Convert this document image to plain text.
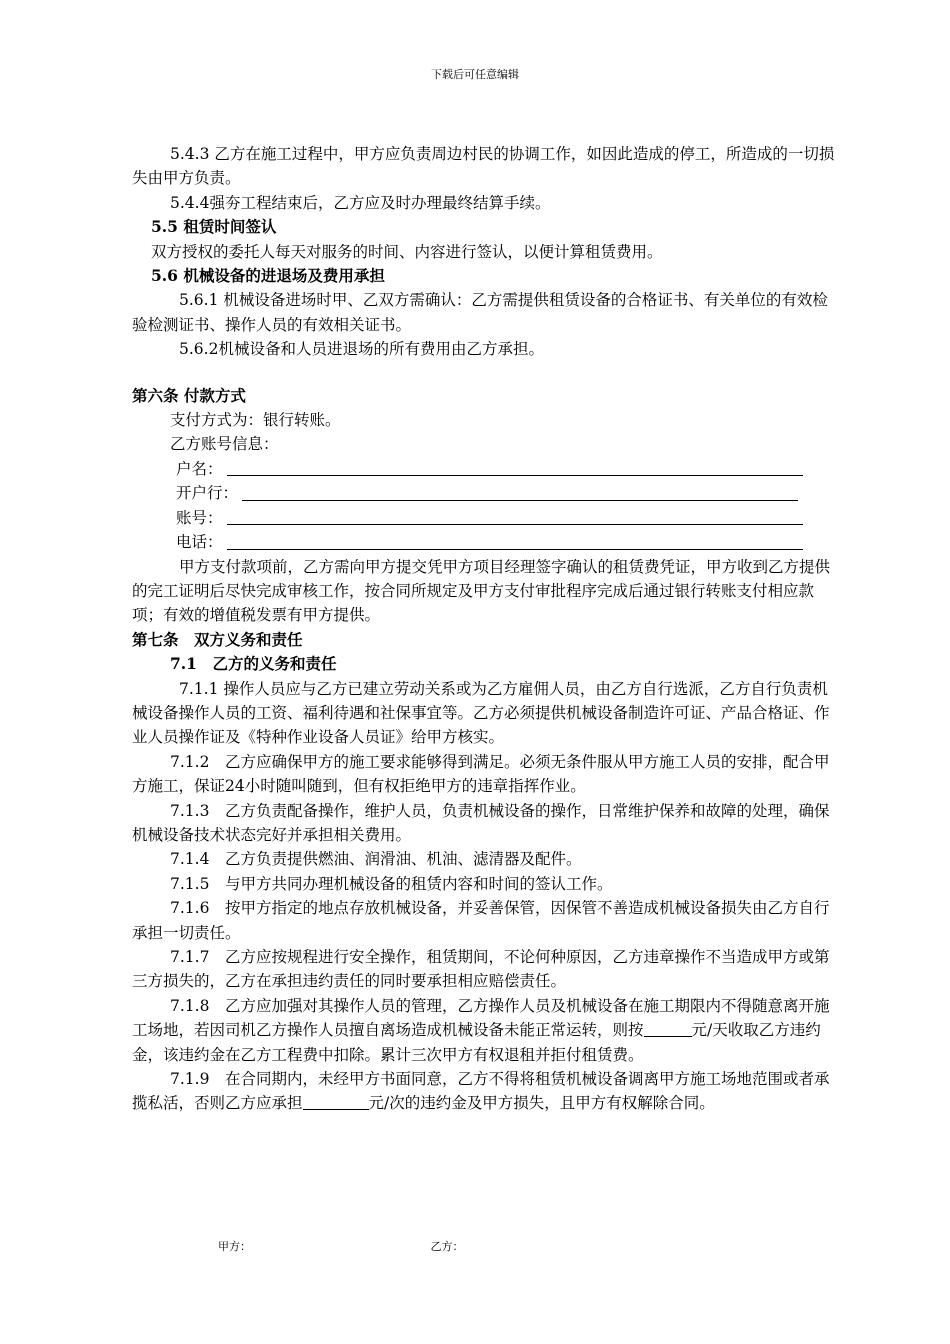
下载后可任意编辑

5.4.3 乙方在施工过程中，甲方应负责周边村民的协调工作，如因此造成的停工，所造成的一切损失由甲方负责。

5.4.4强夯工程结束后，乙方应及时办理最终结算手续。

5.5 租赁时间签认

双方授权的委托人每天对服务的时间、内容进行签认，以便计算租赁费用。

5.6 机械设备的进退场及费用承担

5.6.1 机械设备进场时甲、乙双方需确认：乙方需提供租赁设备的合格证书、有关单位的有效检验检测证书、操作人员的有效相关证书。

5.6.2机械设备和人员进退场的所有费用由乙方承担。

第六条 付款方式

支付方式为：银行转账。

乙方账号信息：

户名：
开户行：
账号：
电话：

甲方支付款项前，乙方需向甲方提交凭甲方项目经理签字确认的租赁费凭证，甲方收到乙方提供的完工证明后尽快完成审核工作，按合同所规定及甲方支付审批程序完成后通过银行转账支付相应款项；有效的增值税发票有甲方提供。

第七条　双方义务和责任

7.1　乙方的义务和责任

7.1.1 操作人员应与乙方已建立劳动关系或为乙方雇佣人员，由乙方自行选派，乙方自行负责机械设备操作人员的工资、福利待遇和社保事宜等。乙方必须提供机械设备制造许可证、产品合格证、作业人员操作证及《特种作业设备人员证》给甲方核实。

7.1.2　乙方应确保甲方的施工要求能够得到满足。必须无条件服从甲方施工人员的安排，配合甲方施工，保证24小时随叫随到，但有权拒绝甲方的违章指挥作业。

7.1.3　乙方负责配备操作，维护人员，负责机械设备的操作，日常维护保养和故障的处理，确保机械设备技术状态完好并承担相关费用。

7.1.4　乙方负责提供燃油、润滑油、机油、滤清器及配件。

7.1.5　与甲方共同办理机械设备的租赁内容和时间的签认工作。

7.1.6　按甲方指定的地点存放机械设备，并妥善保管，因保管不善造成机械设备损失由乙方自行承担一切责任。

7.1.7　乙方应按规程进行安全操作，租赁期间，不论何种原因，乙方违章操作不当造成甲方或第三方损失的，乙方在承担违约责任的同时要承担相应赔偿责任。

7.1.8　乙方应加强对其操作人员的管理，乙方操作人员及机械设备在施工期限内不得随意离开施工场地，若因司机乙方操作人员擅自离场造成机械设备未能正常运转，则按	元/天收取乙方违约金，该违约金在乙方工程费中扣除。累计三次甲方有权退租并拒付租赁费。

7.1.9　在合同期内，未经甲方书面同意，乙方不得将租赁机械设备调离甲方施工场地范围或者承揽私活，否则乙方应承担	元/次的违约金及甲方损失，且甲方有权解除合同。

甲方：	乙方：
